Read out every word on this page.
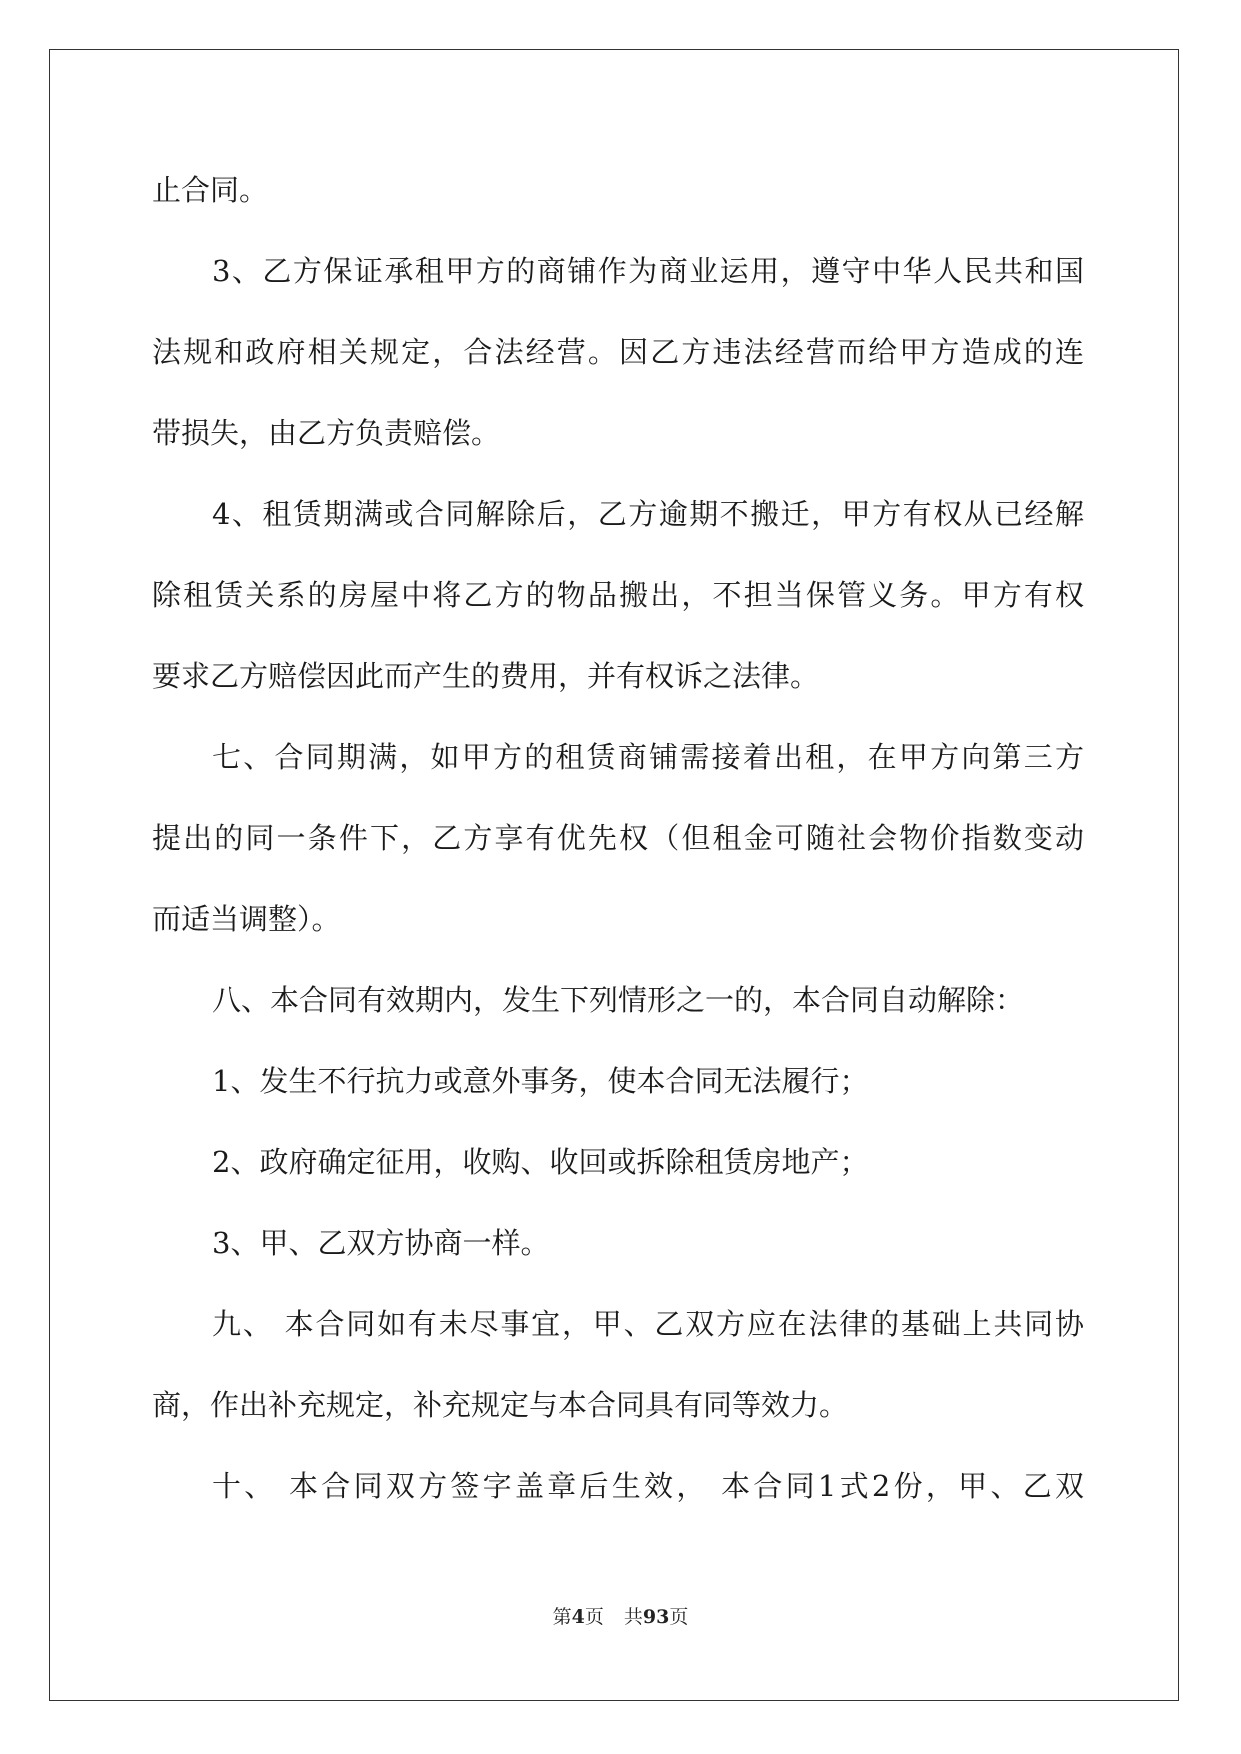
止合同。
3、乙方保证承租甲方的商铺作为商业运用，遵守中华人民共和国
法规和政府相关规定，合法经营。因乙方违法经营而给甲方造成的连
带损失，由乙方负责赔偿。
4、租赁期满或合同解除后，乙方逾期不搬迁，甲方有权从已经解
除租赁关系的房屋中将乙方的物品搬出，不担当保管义务。甲方有权
要求乙方赔偿因此而产生的费用，并有权诉之法律。
七、合同期满，如甲方的租赁商铺需接着出租，在甲方向第三方
提出的同一条件下，乙方享有优先权（但租金可随社会物价指数变动
而适当调整）。
八、本合同有效期内，发生下列情形之一的，本合同自动解除：
1、发生不行抗力或意外事务，使本合同无法履行；
2、政府确定征用，收购、收回或拆除租赁房地产；
3、甲、乙双方协商一样。
九、 本合同如有未尽事宜，甲、乙双方应在法律的基础上共同协
商，作出补充规定，补充规定与本合同具有同等效力。
十、 本合同双方签字盖章后生效， 本合同1式2份，甲、乙双
第4页 共93页
